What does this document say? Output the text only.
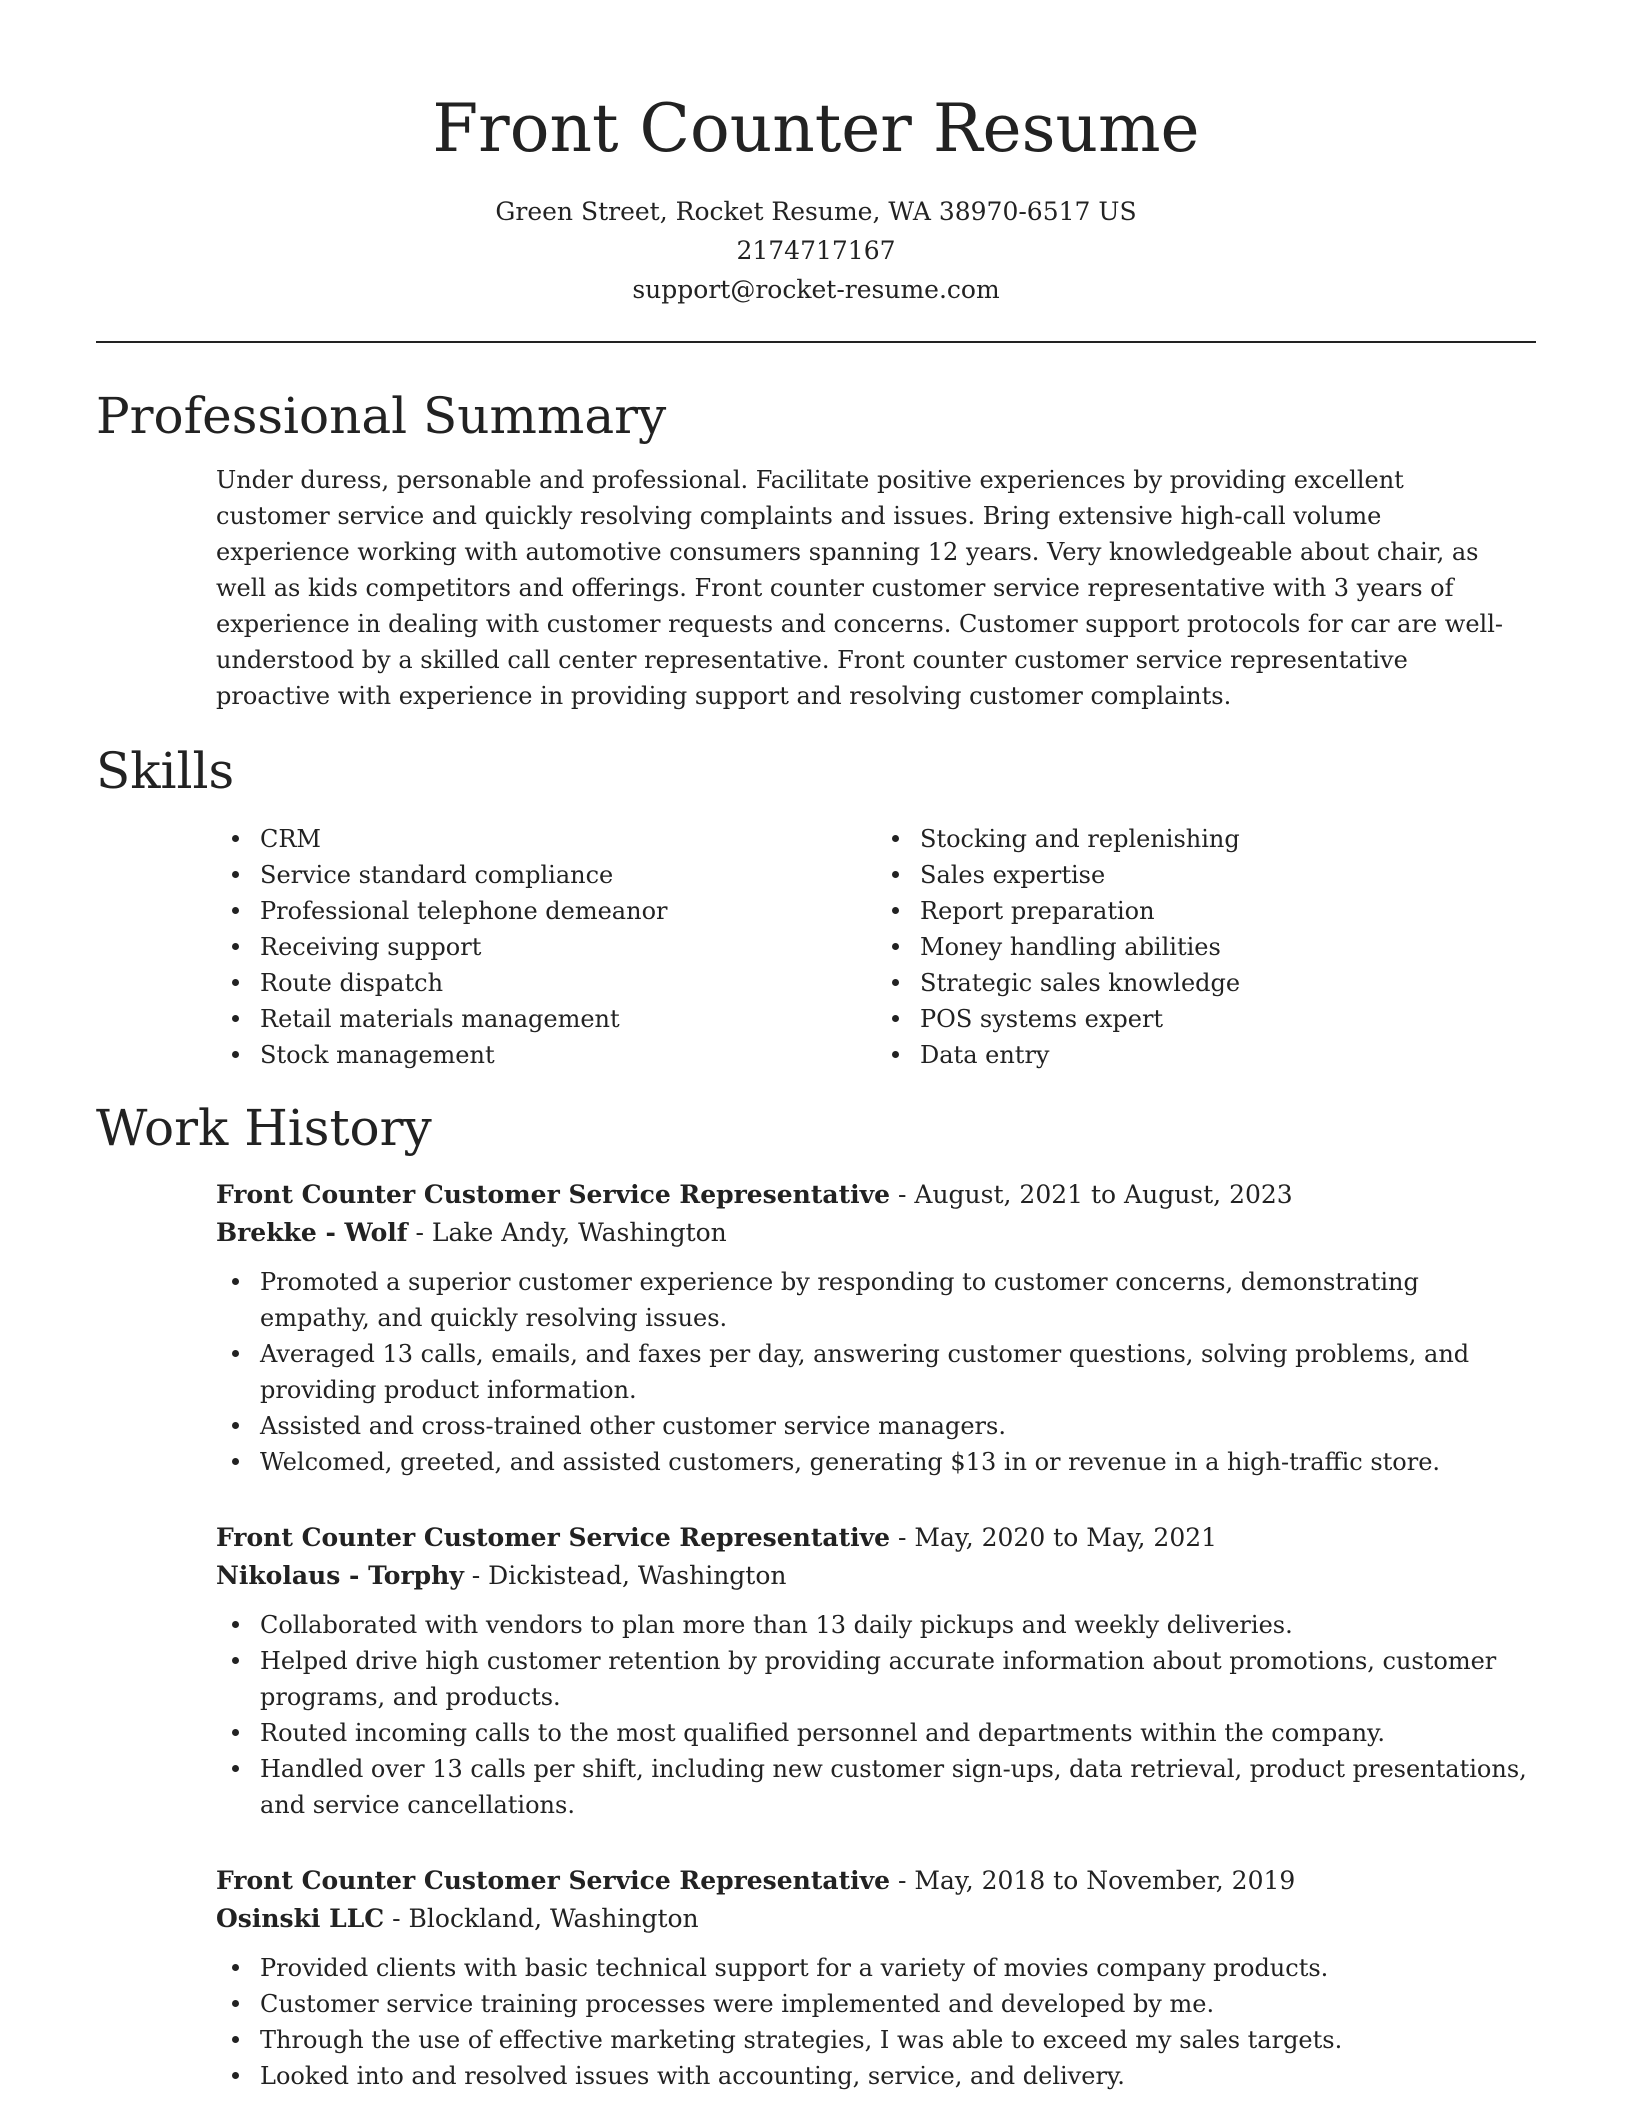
Front Counter Resume
Green Street, Rocket Resume, WA 38970-6517 US
2174717167
support@rocket-resume.com
Professional Summary

Under duress, personable and professional. Facilitate positive experiences by providing excellent customer service and quickly resolving complaints and issues. Bring extensive high-call volume experience working with automotive consumers spanning 12 years. Very knowledgeable about chair, as well as kids competitors and offerings. Front counter customer service representative with 3 years of experience in dealing with customer requests and concerns. Customer support protocols for car are well-understood by a skilled call center representative. Front counter customer service representative proactive with experience in providing support and resolving customer complaints.

Skills
CRM
Service standard compliance
Professional telephone demeanor
Receiving support
Route dispatch
Retail materials management
Stock management
Stocking and replenishing
Sales expertise
Report preparation
Money handling abilities
Strategic sales knowledge
POS systems expert
Data entry
Work History
Front Counter Customer Service Representative - August, 2021 to August, 2023
Brekke - Wolf - Lake Andy, Washington
Promoted a superior customer experience by responding to customer concerns, demonstrating empathy, and quickly resolving issues.
Averaged 13 calls, emails, and faxes per day, answering customer questions, solving problems, and providing product information.
Assisted and cross-trained other customer service managers.
Welcomed, greeted, and assisted customers, generating $13 in or revenue in a high-traffic store.
Front Counter Customer Service Representative - May, 2020 to May, 2021
Nikolaus - Torphy - Dickistead, Washington
Collaborated with vendors to plan more than 13 daily pickups and weekly deliveries.
Helped drive high customer retention by providing accurate information about promotions, customer programs, and products.
Routed incoming calls to the most qualified personnel and departments within the company.
Handled over 13 calls per shift, including new customer sign-ups, data retrieval, product presentations, and service cancellations.
Front Counter Customer Service Representative - May, 2018 to November, 2019
Osinski LLC - Blockland, Washington
Provided clients with basic technical support for a variety of movies company products.
Customer service training processes were implemented and developed by me.
Through the use of effective marketing strategies, I was able to exceed my sales targets.
Looked into and resolved issues with accounting, service, and delivery.
